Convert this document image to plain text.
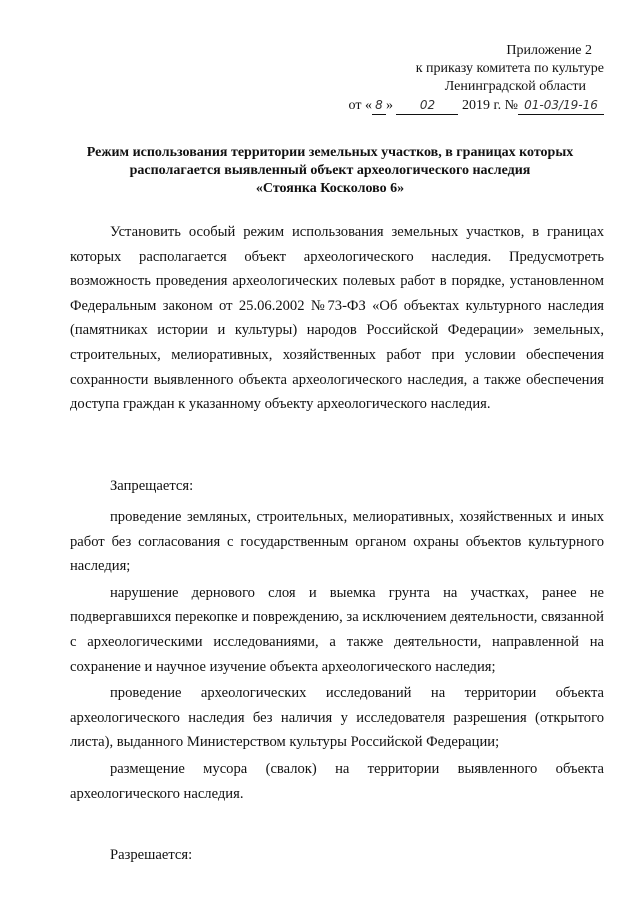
Приложение 2
к приказу комитета по культуре
Ленинградской области
от « 8 » 02 2019 г. № 01-03/19-16
Режим использования территории земельных участков, в границах которых
располагается выявленный объект археологического наследия
«Стоянка Косколово 6»

Установить особый режим использования земельных участков, в границах которых располагается объект археологического наследия. Предусмотреть возможность проведения археологических полевых работ в порядке, установленном Федеральным законом от 25.06.2002 №73-ФЗ «Об объектах культурного наследия (памятниках истории и культуры) народов Российской Федерации» земельных, строительных, мелиоративных, хозяйственных работ при условии обеспечения сохранности выявленного объекта археологического наследия, а также обеспечения доступа граждан к указанному объекту археологического наследия.

Запрещается:

проведение земляных, строительных, мелиоративных, хозяйственных и иных работ без согласования с государственным органом охраны объектов культурного наследия;

нарушение дернового слоя и выемка грунта на участках, ранее не подвергавшихся перекопке и повреждению, за исключением деятельности, связанной с археологическими исследованиями, а также деятельности, направленной на сохранение и научное изучение объекта археологического наследия;

проведение археологических исследований на территории объекта археологического наследия без наличия у исследователя разрешения (открытого листа), выданного Министерством культуры Российской Федерации;

размещение мусора (свалок) на территории выявленного объекта археологического наследия.

Разрешается:
